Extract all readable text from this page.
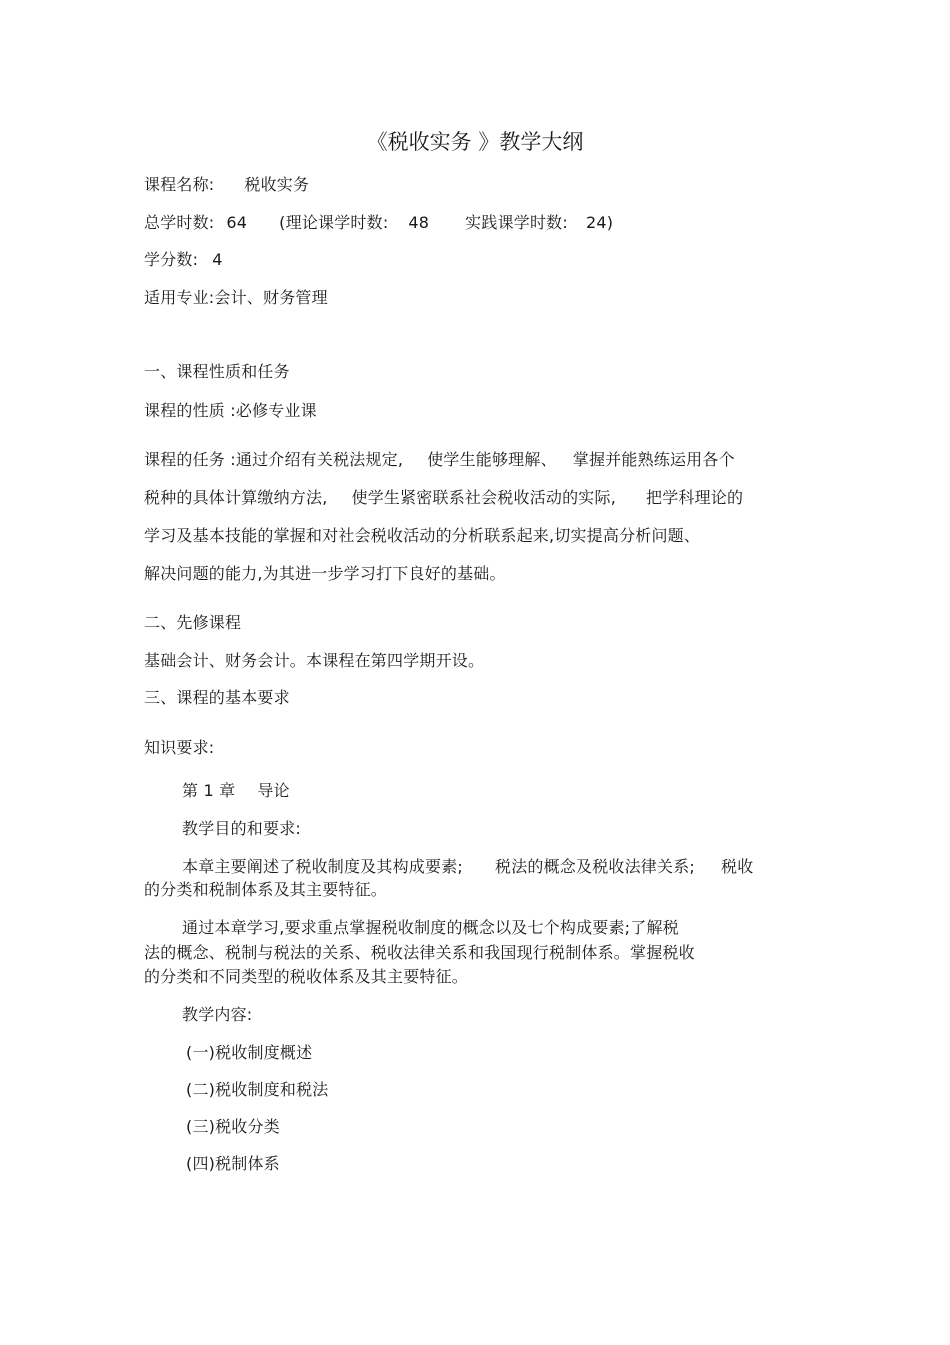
《税收实务 》教学大纲
课程名称: 税收实务
总学时数: 64 (理论课学时数: 48 实践课学时数: 24)
学分数: 4
适用专业:会计、财务管理
一、课程性质和任务
课程的性质 :必修专业课
课程的任务 :通过介绍有关税法规定, 使学生能够理解、 掌握并能熟练运用各个
税种的具体计算缴纳方法, 使学生紧密联系社会税收活动的实际, 把学科理论的
学习及基本技能的掌握和对社会税收活动的分析联系起来,切实提高分析问题、
解决问题的能力,为其进一步学习打下良好的基础。
二、先修课程
基础会计、财务会计。本课程在第四学期开设。
三、课程的基本要求
知识要求:
第 1 章 导论
教学目的和要求:
本章主要阐述了税收制度及其构成要素; 税法的概念及税收法律关系; 税收
的分类和税制体系及其主要特征。
通过本章学习,要求重点掌握税收制度的概念以及七个构成要素;了解税
法的概念、税制与税法的关系、税收法律关系和我国现行税制体系。掌握税收
的分类和不同类型的税收体系及其主要特征。
教学内容:
(一)税收制度概述
(二)税收制度和税法
(三)税收分类
(四)税制体系
